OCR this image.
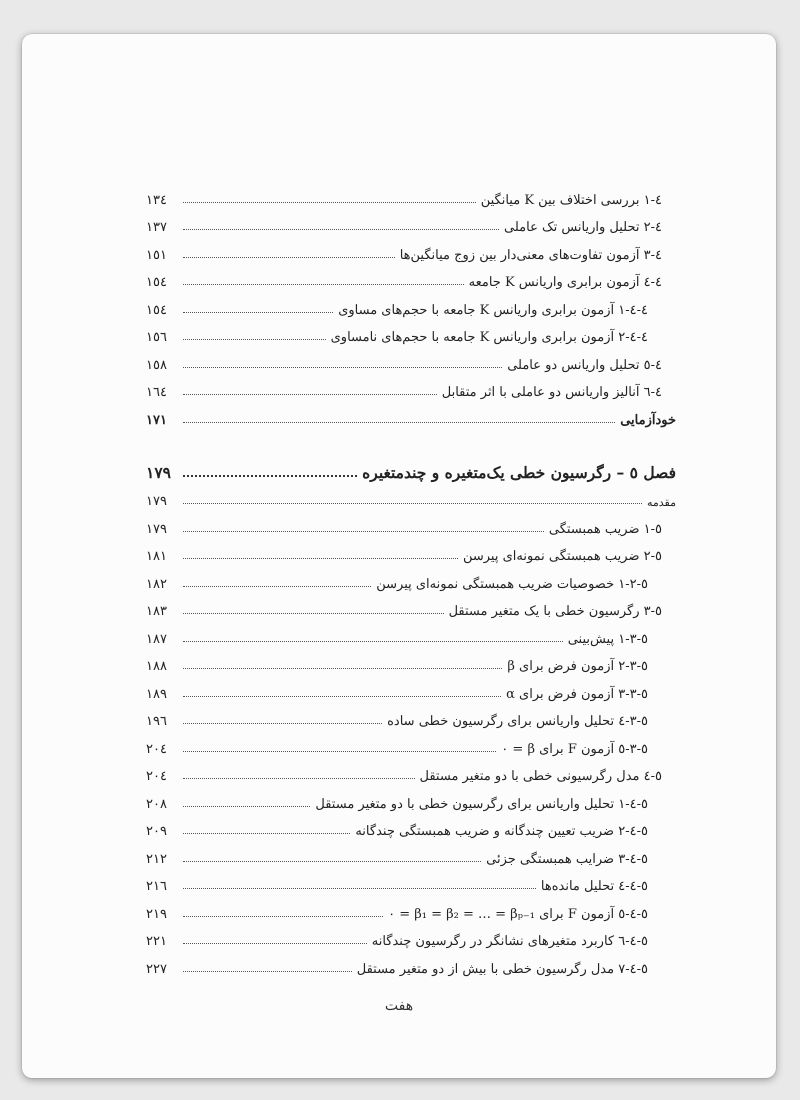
٤-١ بررسی اختلاف بین K میانگین
١٣٤
٤-٢ تحلیل واریانس تک عاملی
١٣٧
٤-٣ آزمون تفاوت‌های معنی‌دار بین زوج میانگین‌ها
١٥١
٤-٤ آزمون برابری واریانس K جامعه
١٥٤
٤-٤-١ آزمون برابری واریانس K جامعه با حجم‌های مساوی
١٥٤
٤-٤-٢ آزمون برابری واریانس K جامعه با حجم‌های نامساوی
١٥٦
٤-٥ تحلیل واریانس دو عاملی
١٥٨
٤-٦ آنالیز واریانس دو عاملی با اثر متقابل
١٦٤
خودآزمایی
١٧١
فصل ٥ – رگرسیون خطی یک‌متغیره و چندمتغیره
١٧٩
مقدمه
١٧٩
٥-١ ضریب همبستگی
١٧٩
٥-٢ ضریب همبستگی نمونه‌ای پیرسن
١٨١
٥-٢-١ خصوصیات ضریب همبستگی نمونه‌ای پیرسن
١٨٢
٥-٣ رگرسیون خطی با یک متغیر مستقل
١٨٣
٥-٣-١ پیش‌بینی
١٨٧
٥-٣-٢ آزمون فرض برای β
١٨٨
٥-٣-٣ آزمون فرض برای α
١٨٩
٥-٣-٤ تحلیل واریانس برای رگرسیون خطی ساده
١٩٦
٥-٣-٥ آزمون F برای β = ٠
٢٠٤
٥-٤ مدل رگرسیونی خطی با دو متغیر مستقل
٢٠٤
٥-٤-١ تحلیل واریانس برای رگرسیون خطی با دو متغیر مستقل
٢٠٨
٥-٤-٢ ضریب تعیین چندگانه و ضریب همبستگی چندگانه
٢٠٩
٥-٤-٣ ضرایب همبستگی جزئی
٢١٢
٥-٤-٤ تحلیل مانده‌ها
٢١٦
٥-٤-٥ آزمون F برای β₁ = β₂ = … = βₚ₋₁ = ٠
٢١٩
٥-٤-٦ کاربرد متغیرهای نشانگر در رگرسیون چندگانه
٢٢١
٥-٤-٧ مدل رگرسیون خطی با بیش از دو متغیر مستقل
٢٢٧
هفت
